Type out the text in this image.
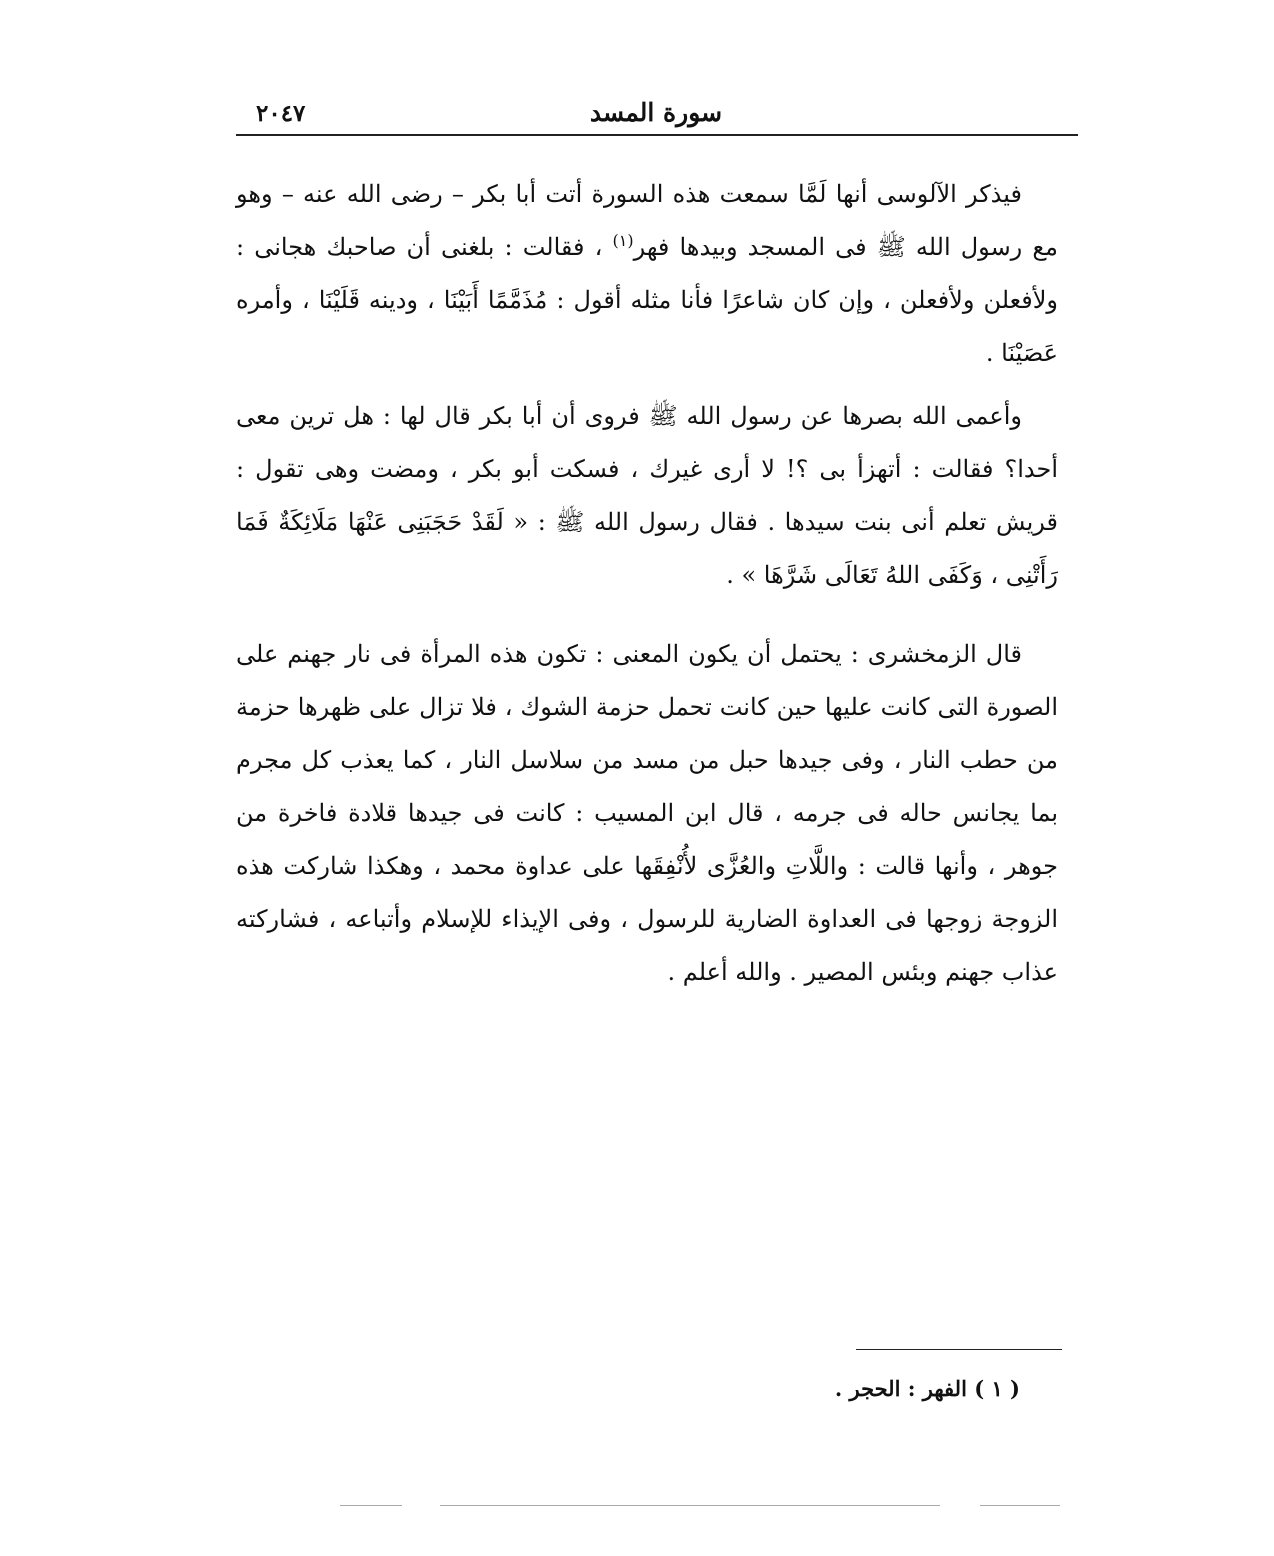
سورة المسد
٢٠٤٧

فيذكر الآلوسى أنها لَمَّا سمعت هذه السورة أتت أبا بكر – رضى الله عنه – وهو مع رسول الله ﷺ فى المسجد وبيدها فهر$^{(١)}$ ، فقالت : بلغنى أن صاحبك هجانى : ولأفعلن ولأفعلن ، وإن كان شاعرًا فأنا مثله أقول : مُذَمَّمًا أَبَيْنَا ، ودينه قَلَيْنَا ، وأمره عَصَيْنَا .

وأعمى الله بصرها عن رسول الله ﷺ فروى أن أبا بكر قال لها : هل ترين معى أحدا؟ فقالت : أتهزأ بى ؟! لا أرى غيرك ، فسكت أبو بكر ، ومضت وهى تقول : قريش تعلم أنى بنت سيدها . فقال رسول الله ﷺ : « لَقَدْ حَجَبَنِى عَنْهَا مَلَائِكَةٌ فَمَا رَأَتْنِى ، وَكَفَى اللهُ تَعَالَى شَرَّهَا » .

قال الزمخشرى : يحتمل أن يكون المعنى : تكون هذه المرأة فى نار جهنم على الصورة التى كانت عليها حين كانت تحمل حزمة الشوك ، فلا تزال على ظهرها حزمة من حطب النار ، وفى جيدها حبل من مسد من سلاسل النار ، كما يعذب كل مجرم بما يجانس حاله فى جرمه ، قال ابن المسيب : كانت فى جيدها قلادة فاخرة من جوهر ، وأنها قالت : واللَّاتِ والعُزَّى لأُنْفِقَها على عداوة محمد ، وهكذا شاركت هذه الزوجة زوجها فى العداوة الضارية للرسول ، وفى الإيذاء للإسلام وأتباعه ، فشاركته عذاب جهنم وبئس المصير . والله أعلم .

( ١ ) الفهر : الحجر .
